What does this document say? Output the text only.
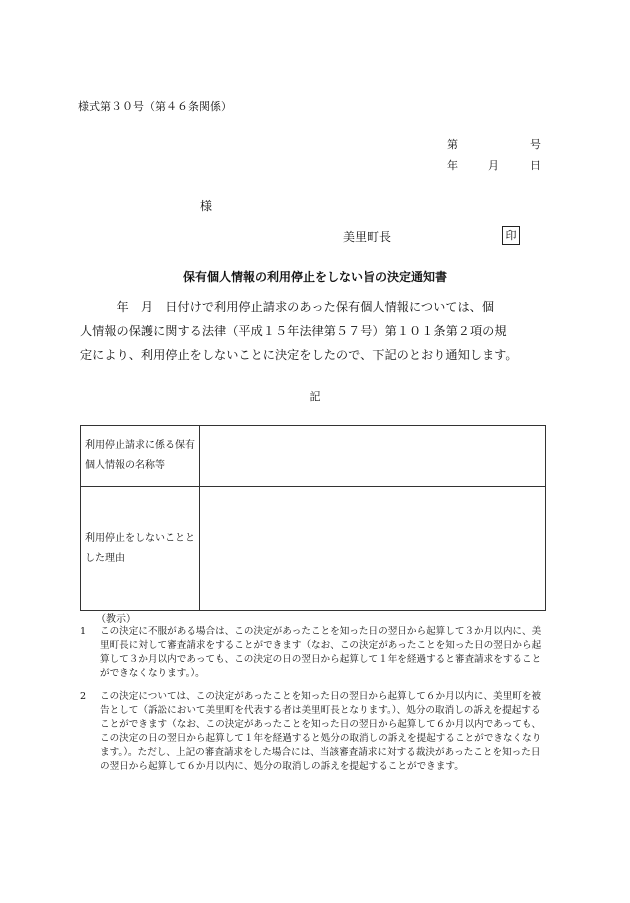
様式第３０号（第４６条関係）
第	号
年	月	日
様
美里町長	印
保有個人情報の利用停止をしない旨の決定通知書

　　　年　月　日付けで利用停止請求のあった保有個人情報については、個

人情報の保護に関する法律（平成１５年法律第５７号）第１０１条第２項の規

定により、利用停止をしないことに決定をしたので、下記のとおり通知します。

記
利用停止請求に係る保有個人情報の名称等	
利用停止をしないこととした理由	
（教示）
1 この決定に不服がある場合は、この決定があったことを知った日の翌日から起算して３か月以内に、美里町長に対して審査請求をすることができます（なお、この決定があったことを知った日の翌日から起算して３か月以内であっても、この決定の日の翌日から起算して１年を経過すると審査請求をすることができなくなります。）。
2 この決定については、この決定があったことを知った日の翌日から起算して６か月以内に、美里町を被告として（訴訟において美里町を代表する者は美里町長となります。）、処分の取消しの訴えを提起することができます（なお、この決定があったことを知った日の翌日から起算して６か月以内であっても、この決定の日の翌日から起算して１年を経過すると処分の取消しの訴えを提起することができなくなります。）。ただし、上記の審査請求をした場合には、当該審査請求に対する裁決があったことを知った日の翌日から起算して６か月以内に、処分の取消しの訴えを提起することができます。
